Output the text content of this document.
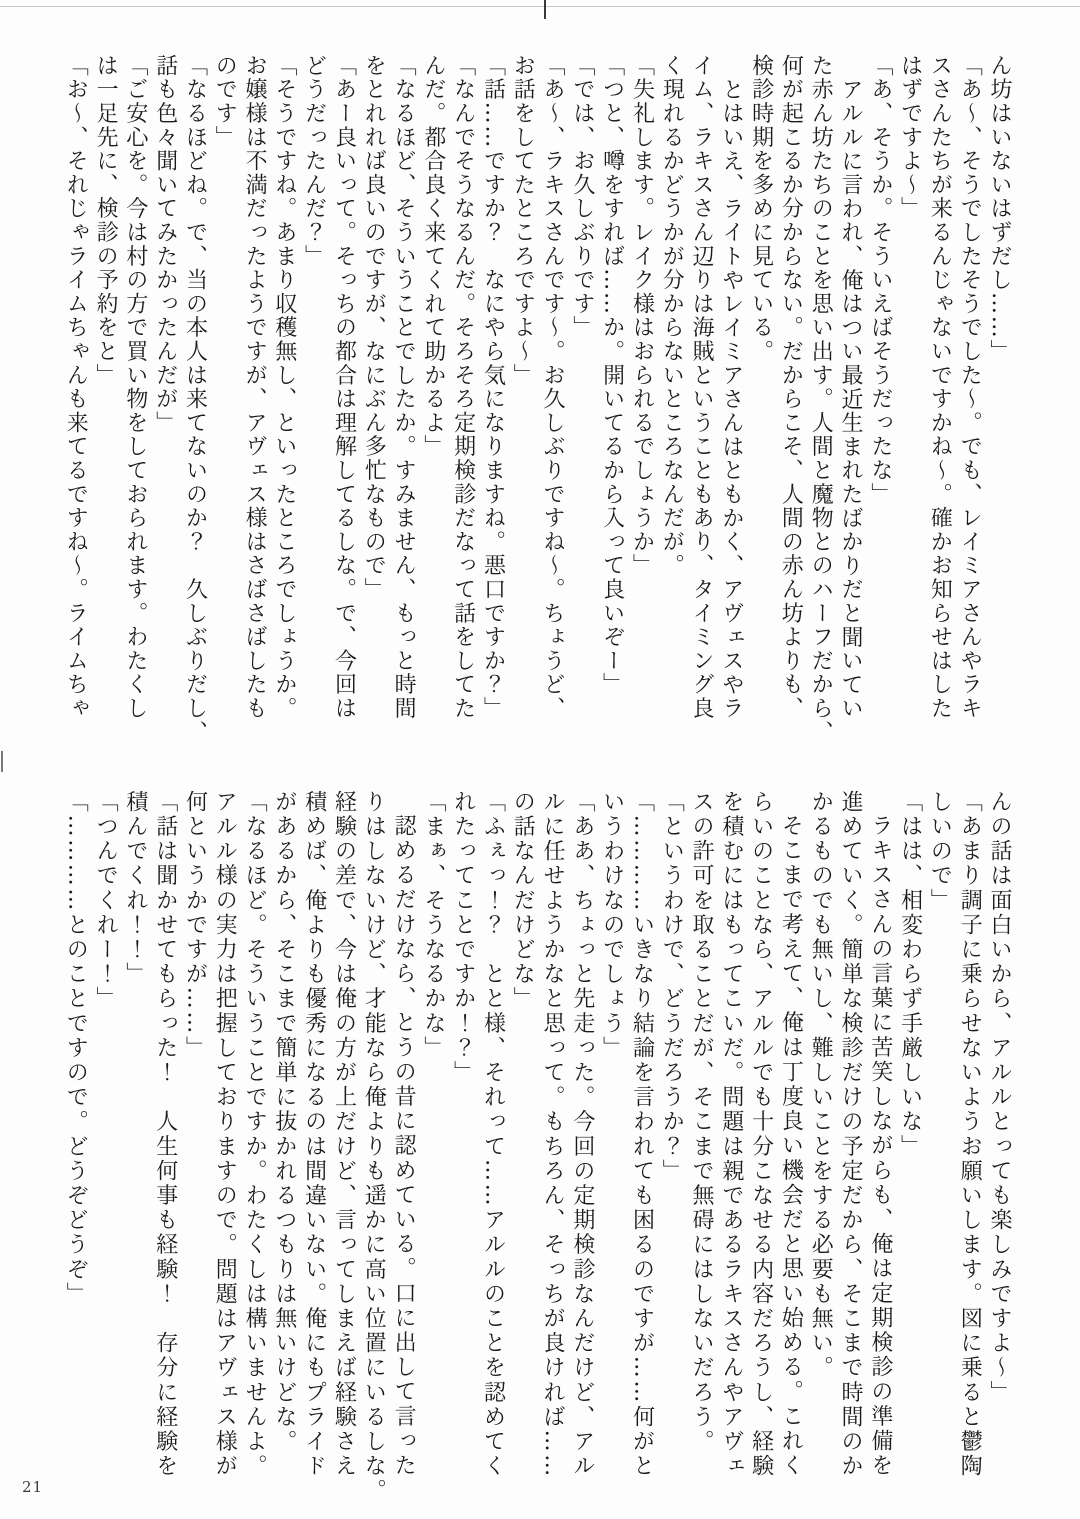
ん坊はいないはずだし……」
「あ〜、そうでしたそうでした〜。でも、レイミアさんやラキ
スさんたちが来るんじゃないですかね〜。確かお知らせはした
はずですよ〜」
「あ、そうか。そういえばそうだったな」
アルルに言われ、俺はつい最近生まれたばかりだと聞いてい
た赤ん坊たちのことを思い出す。人間と魔物とのハーフだから、
何が起こるか分からない。だからこそ、人間の赤ん坊よりも、
検診時期を多めに見ている。
とはいえ、ライトやレイミアさんはともかく、アヴェスやラ
イム、ラキスさん辺りは海賊ということもあり、タイミング良
く現れるかどうかが分からないところなんだが。
「失礼します。レイク様はおられるでしょうか」
「つと、噂をすれば……か。開いてるから入って良いぞー」
「では、お久しぶりです」
「あ〜、ラキスさんです〜。お久しぶりですね〜。ちょうど、
お話をしてたところですよ〜」
「話……ですか？　なにやら気になりますね。悪口ですか？」
「なんでそうなるんだ。そろそろ定期検診だなって話をしてた
んだ。都合良く来てくれて助かるよ」
「なるほど、そういうことでしたか。すみません、もっと時間
をとれれば良いのですが、なにぶん多忙なもので」
「あー良いって。そっちの都合は理解してるしな。で、今回は
どうだったんだ？」
「そうですね。あまり収穫無し、といったところでしょうか。
お嬢様は不満だったようですが、アヴェス様はさばさばしたも
のです」
「なるほどね。で、当の本人は来てないのか？　久しぶりだし、
話も色々聞いてみたかったんだが」
「ご安心を。今は村の方で買い物をしておられます。わたくし
は一足先に、検診の予約をと」
「お〜、それじゃライムちゃんも来てるですね〜。ライムちゃ
んの話は面白いから、アルルとっても楽しみですよ〜」
「あまり調子に乗らせないようお願いします。図に乗ると鬱陶
しいので」
「はは、相変わらず手厳しいな」
ラキスさんの言葉に苦笑しながらも、俺は定期検診の準備を
進めていく。簡単な検診だけの予定だから、そこまで時間のか
かるものでも無いし、難しいことをする必要も無い。
そこまで考えて、俺は丁度良い機会だと思い始める。これく
らいのことなら、アルルでも十分こなせる内容だろうし、経験
を積むにはもってこいだ。問題は親であるラキスさんやアヴェ
スの許可を取ることだが、そこまで無碍にはしないだろう。
「というわけで、どうだろうか？」
「…………いきなり結論を言われても困るのですが……何がと
いうわけなのでしょう」
「ああ、ちょっと先走った。今回の定期検診なんだけど、アル
ルに任せようかなと思って。もちろん、そっちが良ければ……
の話なんだけどな」
「ふぇっ！？　とと様、それって……アルルのことを認めてく
れたってことですか！？」
「まぁ、そうなるかな」
認めるだけなら、とうの昔に認めている。口に出して言った
りはしないけど、才能なら俺よりも遥かに高い位置にいるしな。
経験の差で、今は俺の方が上だけど、言ってしまえば経験さえ
積めば、俺よりも優秀になるのは間違いない。俺にもプライド
があるから、そこまで簡単に抜かれるつもりは無いけどな。
「なるほど。そういうことですか。わたくしは構いませんよ。
アルル様の実力は把握しておりますので。問題はアヴェス様が
何というかですが……」
「話は聞かせてもらった！　人生何事も経験！　存分に経験を
積んでくれ！！」
「つんでくれー！」
「…………とのことですので。どうぞどうぞ」
21
